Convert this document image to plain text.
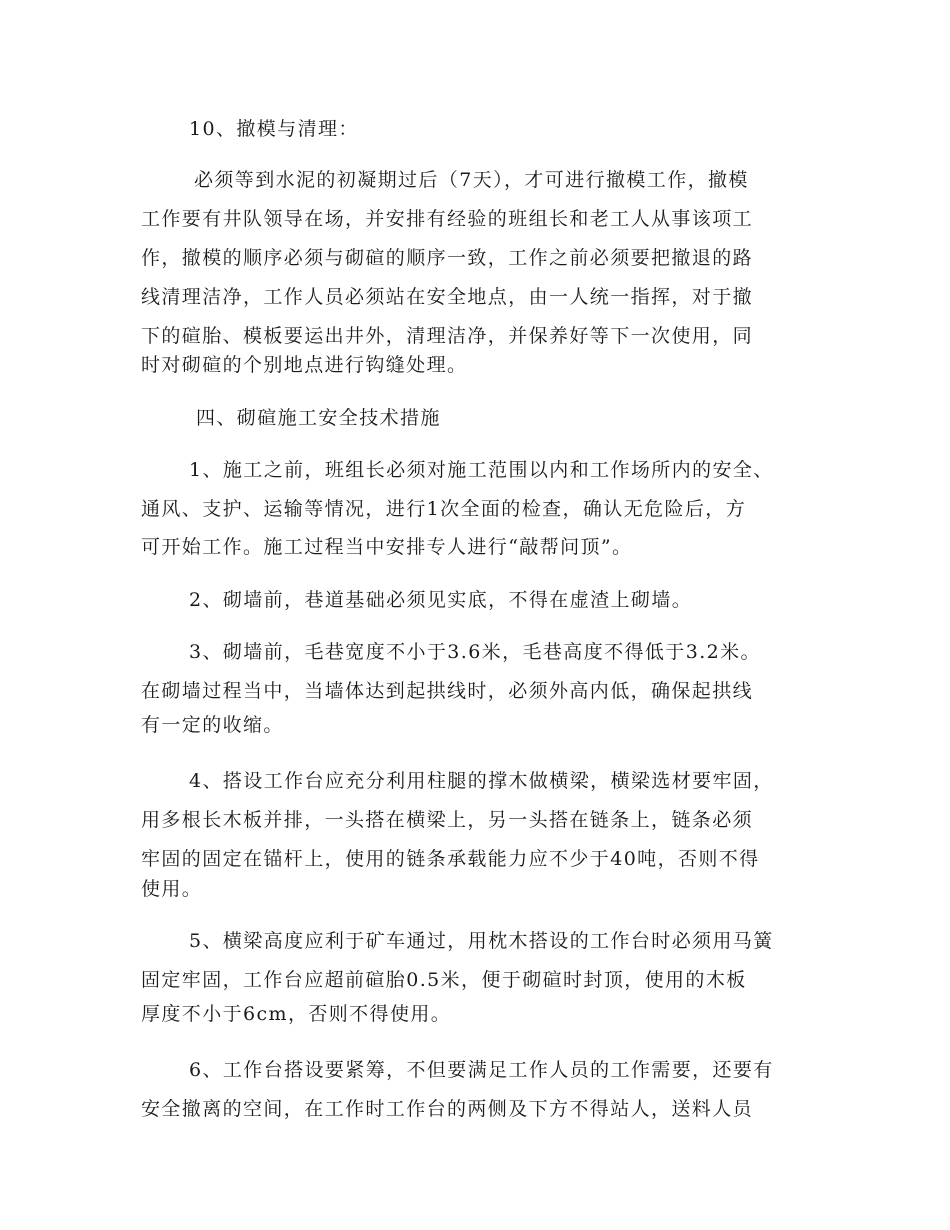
10、撤模与清理：
必须等到水泥的初凝期过后（7天），才可进行撤模工作，撤模
工作要有井队领导在场，并安排有经验的班组长和老工人从事该项工
作，撤模的顺序必须与砌碹的顺序一致，工作之前必须要把撤退的路
线清理洁净，工作人员必须站在安全地点，由一人统一指挥，对于撤
下的碹胎、模板要运出井外，清理洁净，并保养好等下一次使用，同
时对砌碹的个别地点进行钩缝处理。
四、砌碹施工安全技术措施
1、施工之前，班组长必须对施工范围以内和工作场所内的安全、
通风、支护、运输等情况，进行1次全面的检查，确认无危险后，方
可开始工作。施工过程当中安排专人进行“敲帮问顶”。
2、砌墙前，巷道基础必须见实底，不得在虚渣上砌墙。
3、砌墙前，毛巷宽度不小于3.6米，毛巷高度不得低于3.2米。
在砌墙过程当中，当墙体达到起拱线时，必须外高内低，确保起拱线
有一定的收缩。
4、搭设工作台应充分利用柱腿的撑木做横梁，横梁选材要牢固，
用多根长木板并排，一头搭在横梁上，另一头搭在链条上，链条必须
牢固的固定在锚杆上，使用的链条承载能力应不少于40吨，否则不得
使用。
5、横梁高度应利于矿车通过，用枕木搭设的工作台时必须用马簧
固定牢固，工作台应超前碹胎0.5米，便于砌碹时封顶，使用的木板
厚度不小于6cm，否则不得使用。
6、工作台搭设要紧筹，不但要满足工作人员的工作需要，还要有
安全撤离的空间，在工作时工作台的两侧及下方不得站人，送料人员
